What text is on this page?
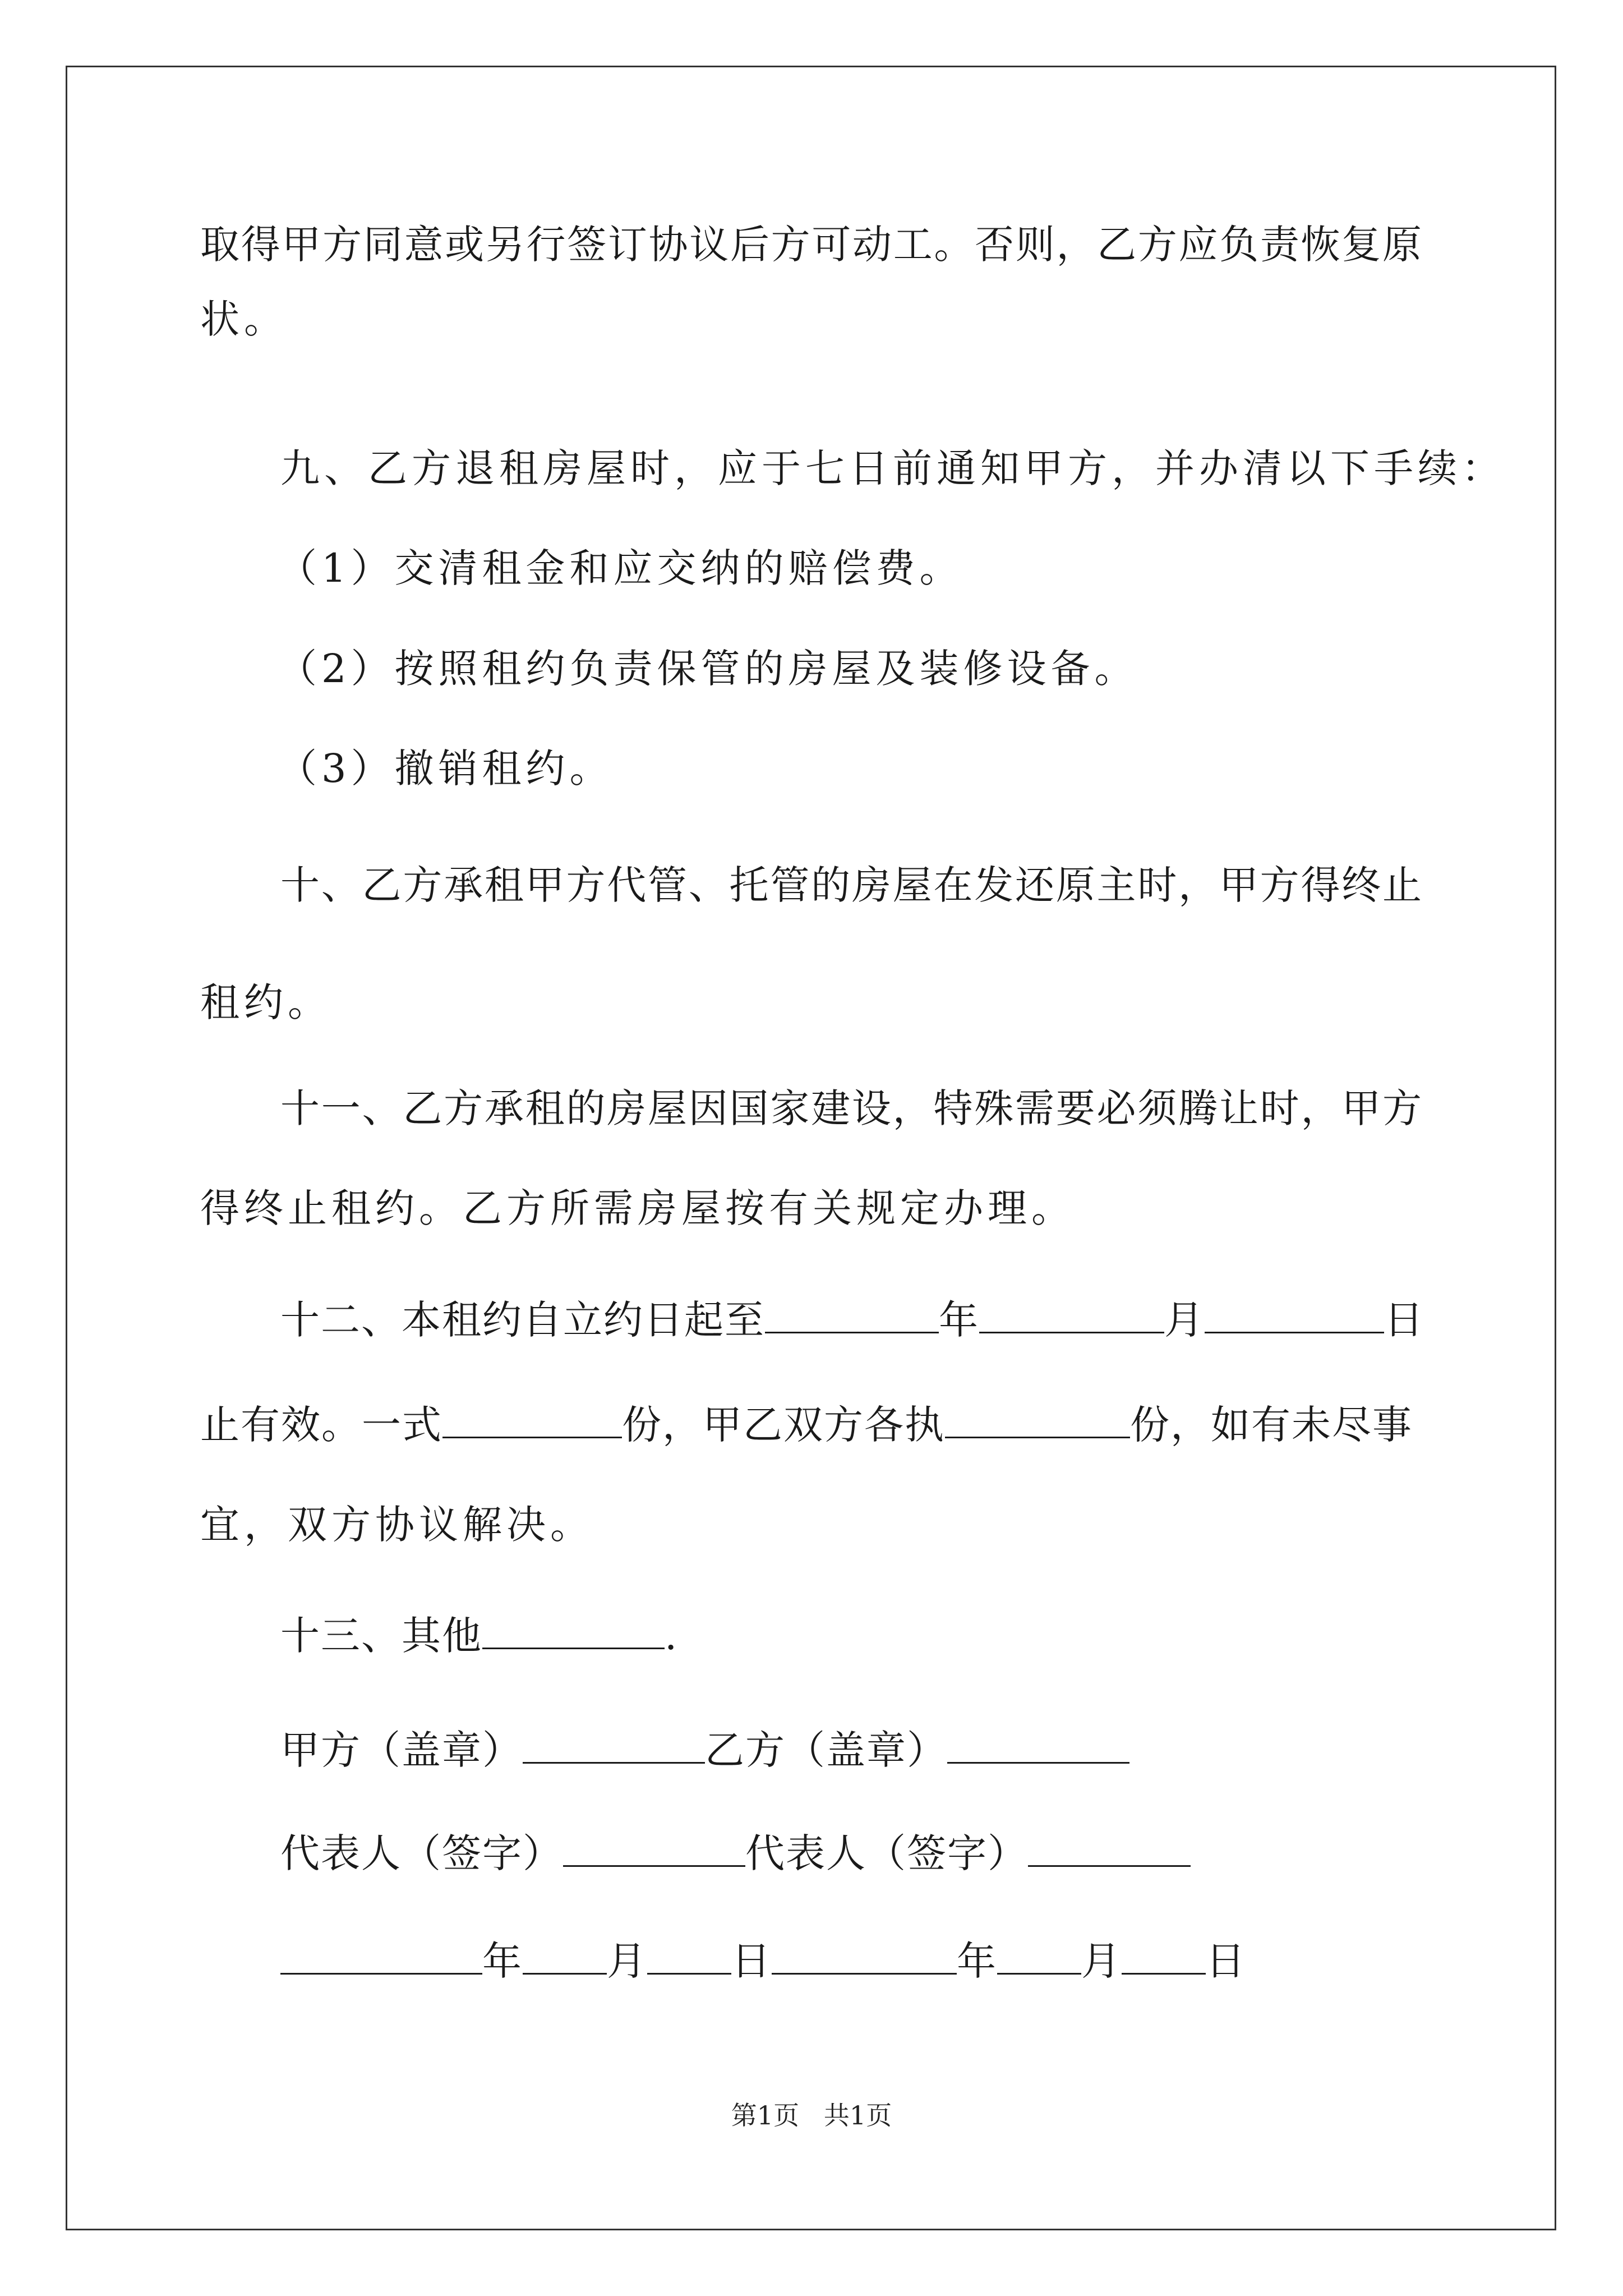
取得甲方同意或另行签订协议后方可动工。否则，乙方应负责恢复原
状。
九、乙方退租房屋时，应于七日前通知甲方，并办清以下手续：
（1）交清租金和应交纳的赔偿费。
（2）按照租约负责保管的房屋及装修设备。
（3）撤销租约。
十、乙方承租甲方代管、托管的房屋在发还原主时，甲方得终止
租约。
十一、乙方承租的房屋因国家建设，特殊需要必须腾让时，甲方
得终止租约。乙方所需房屋按有关规定办理。
十二、本租约自立约日起至	年	月	日
止有效。一式	份，甲乙双方各执	份，如有未尽事
宜，双方协议解决。
十三、其他	.
甲方（盖章）	乙方（盖章）
代表人（签字）	代表人（签字）
年 月 日	年 月 日
第1页   共1页
